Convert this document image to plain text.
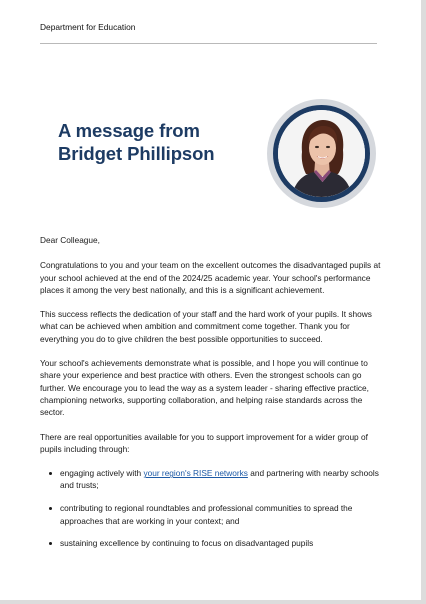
Department for Education
A message from
Bridget Phillipson

Dear Colleague,

Congratulations to you and your team on the excellent outcomes the disadvantaged pupils at your school achieved at the end of the 2024/25 academic year. Your school's performance places it among the very best nationally, and this is a significant achievement.

This success reflects the dedication of your staff and the hard work of your pupils. It shows what can be achieved when ambition and commitment come together. Thank you for everything you do to give children the best possible opportunities to succeed.

Your school's achievements demonstrate what is possible, and I hope you will continue to share your experience and best practice with others. Even the strongest schools can go further. We encourage you to lead the way as a system leader - sharing effective practice, championing networks, supporting collaboration, and helping raise standards across the sector.

There are real opportunities available for you to support improvement for a wider group of pupils including through:

engaging actively with your region's RISE networks and partnering with nearby schools and trusts;
contributing to regional roundtables and professional communities to spread the approaches that are working in your context; and
sustaining excellence by continuing to focus on disadvantaged pupils
